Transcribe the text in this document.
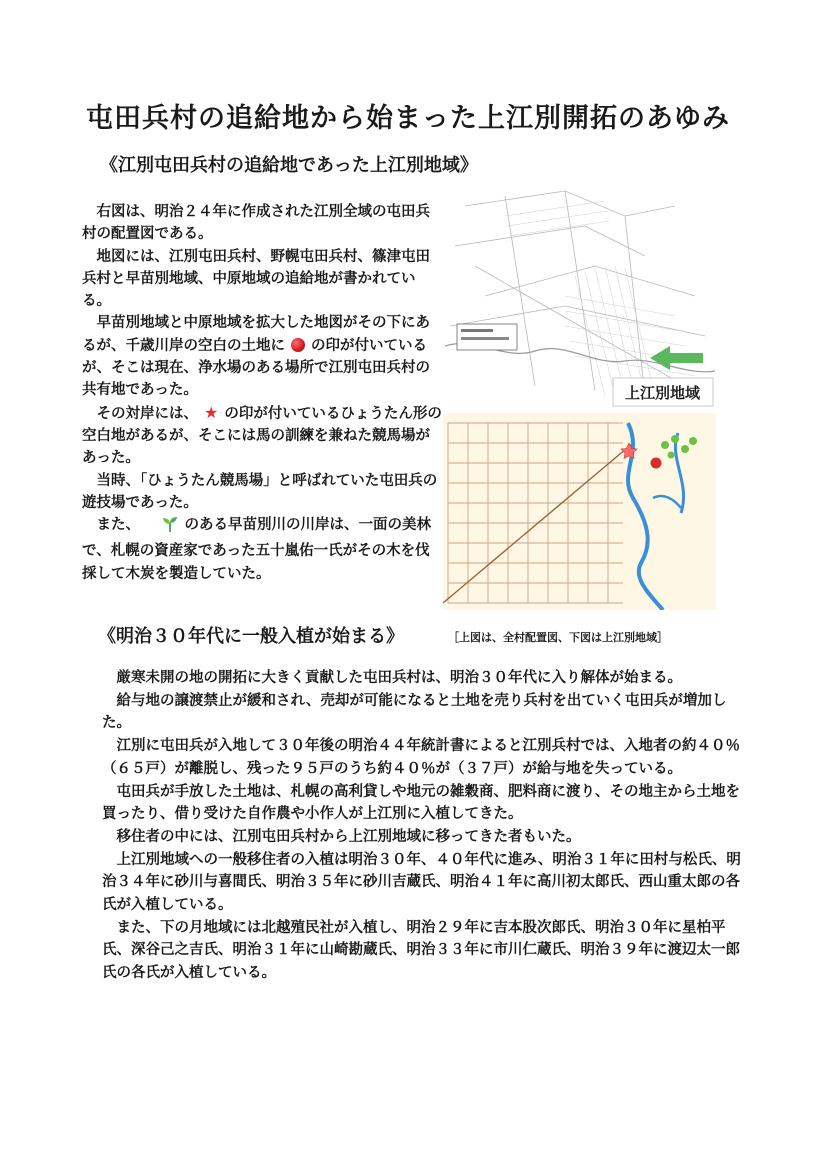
屯田兵村の追給地から始まった上江別開拓のあゆみ
《江別屯田兵村の追給地であった上江別地域》

右図は、明治２４年に作成された江別全域の屯田兵村の配置図である。

地図には、江別屯田兵村、野幌屯田兵村、篠津屯田兵村と早苗別地域、中原地域の追給地が書かれている。

早苗別地域と中原地域を拡大した地図がその下にあるが、千歳川岸の空白の土地に の印が付いているが、そこは現在、浄水場のある場所で江別屯田兵村の共有地であった。

その対岸には、 ★ の印が付いているひょうたん形の空白地があるが、そこには馬の訓練を兼ねた競馬場があった。

当時、「ひょうたん競馬場」と呼ばれていた屯田兵の遊技場であった。

また、	のある早苗別川の川岸は、一面の美林で、札幌の資産家であった五十嵐佑一氏がその木を伐採して木炭を製造していた。

上江別地域
［上図は、全村配置図、下図は上江別地域］
《明治３０年代に一般入植が始まる》

厳寒未開の地の開拓に大きく貢献した屯田兵村は、明治３０年代に入り解体が始まる。

給与地の譲渡禁止が緩和され、売却が可能になると土地を売り兵村を出ていく屯田兵が増加した。

江別に屯田兵が入地して３０年後の明治４４年統計書によると江別兵村では、入地者の約４０％（６５戸）が離脱し、残った９５戸のうち約４０％が（３７戸）が給与地を失っている。

屯田兵が手放した土地は、札幌の高利貸しや地元の雑穀商、肥料商に渡り、その地主から土地を買ったり、借り受けた自作農や小作人が上江別に入植してきた。

移住者の中には、江別屯田兵村から上江別地域に移ってきた者もいた。

上江別地域への一般移住者の入植は明治３０年、４０年代に進み、明治３１年に田村与松氏、明治３４年に砂川与喜間氏、明治３５年に砂川吉蔵氏、明治４１年に高川初太郎氏、西山重太郎の各氏が入植している。

また、下の月地域には北越殖民社が入植し、明治２９年に吉本股次郎氏、明治３０年に星柏平氏、深谷己之吉氏、明治３１年に山崎勘蔵氏、明治３３年に市川仁蔵氏、明治３９年に渡辺太一郎氏の各氏が入植している。
